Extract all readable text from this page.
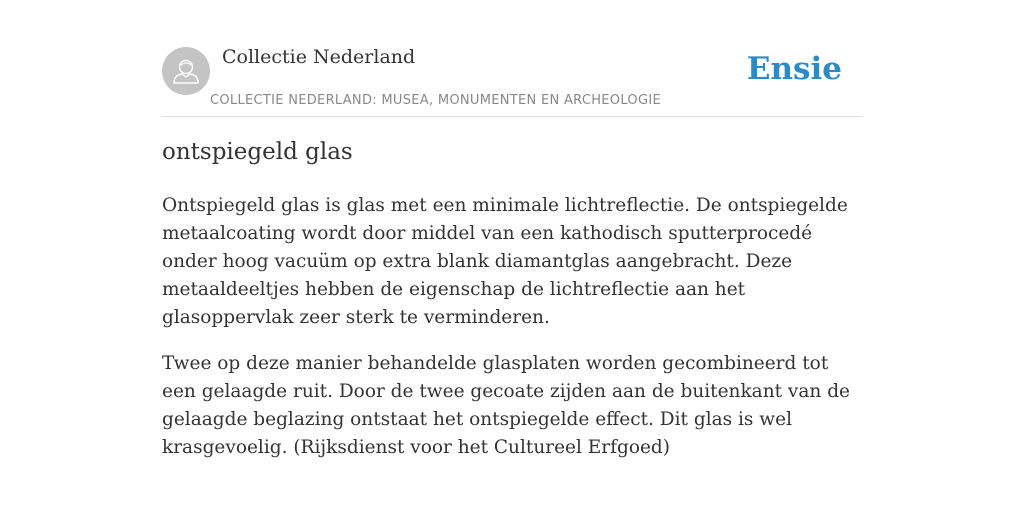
Collectie Nederland
COLLECTIE NEDERLAND: MUSEA, MONUMENTEN EN ARCHEOLOGIE
Ensie
ontspiegeld glas

Ontspiegeld glas is glas met een minimale lichtreflectie. De ontspiegelde metaalcoating wordt door middel van een kathodisch sputterprocedé onder hoog vacuüm op extra blank diamantglas aangebracht. Deze metaaldeeltjes hebben de eigenschap de lichtreflectie aan het glasoppervlak zeer sterk te verminderen.

Twee op deze manier behandelde glasplaten worden gecombineerd tot een gelaagde ruit. Door de twee gecoate zijden aan de buitenkant van de gelaagde beglazing ontstaat het ontspiegelde effect. Dit glas is wel krasgevoelig. (Rijksdienst voor het Cultureel Erfgoed)
